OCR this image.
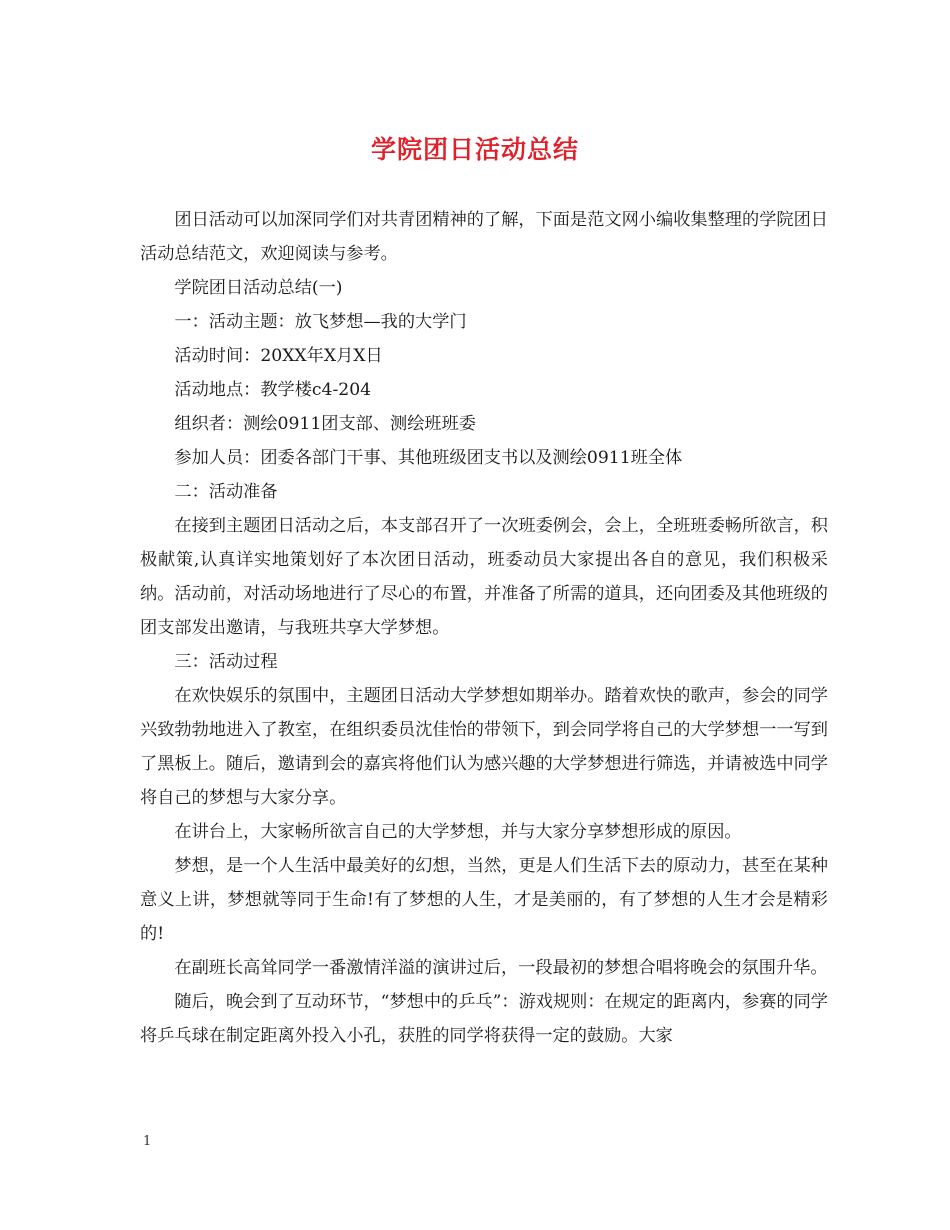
学院团日活动总结

团日活动可以加深同学们对共青团精神的了解，下面是范文网小编收集整理的学院团日活动总结范文，欢迎阅读与参考。

学院团日活动总结(一)

一：活动主题：放飞梦想—我的大学门

活动时间：20XX年X月X日

活动地点：教学楼c4-204

组织者：测绘0911团支部、测绘班班委

参加人员：团委各部门干事、其他班级团支书以及测绘0911班全体

二：活动准备

在接到主题团日活动之后，本支部召开了一次班委例会，会上，全班班委畅所欲言，积极献策,认真详实地策划好了本次团日活动，班委动员大家提出各自的意见，我们积极采纳。活动前，对活动场地进行了尽心的布置，并准备了所需的道具，还向团委及其他班级的团支部发出邀请，与我班共享大学梦想。

三：活动过程

在欢快娱乐的氛围中，主题团日活动大学梦想如期举办。踏着欢快的歌声，参会的同学兴致勃勃地进入了教室，在组织委员沈佳怡的带领下，到会同学将自己的大学梦想一一写到了黑板上。随后，邀请到会的嘉宾将他们认为感兴趣的大学梦想进行筛选，并请被选中同学将自己的梦想与大家分享。

在讲台上，大家畅所欲言自己的大学梦想，并与大家分享梦想形成的原因。

梦想，是一个人生活中最美好的幻想，当然，更是人们生活下去的原动力，甚至在某种意义上讲，梦想就等同于生命!有了梦想的人生，才是美丽的，有了梦想的人生才会是精彩的!

在副班长高耸同学一番激情洋溢的演讲过后，一段最初的梦想合唱将晚会的氛围升华。

随后，晚会到了互动环节，“梦想中的乒乓”：游戏规则：在规定的距离内，参赛的同学将乒乓球在制定距离外投入小孔，获胜的同学将获得一定的鼓励。大家

1
